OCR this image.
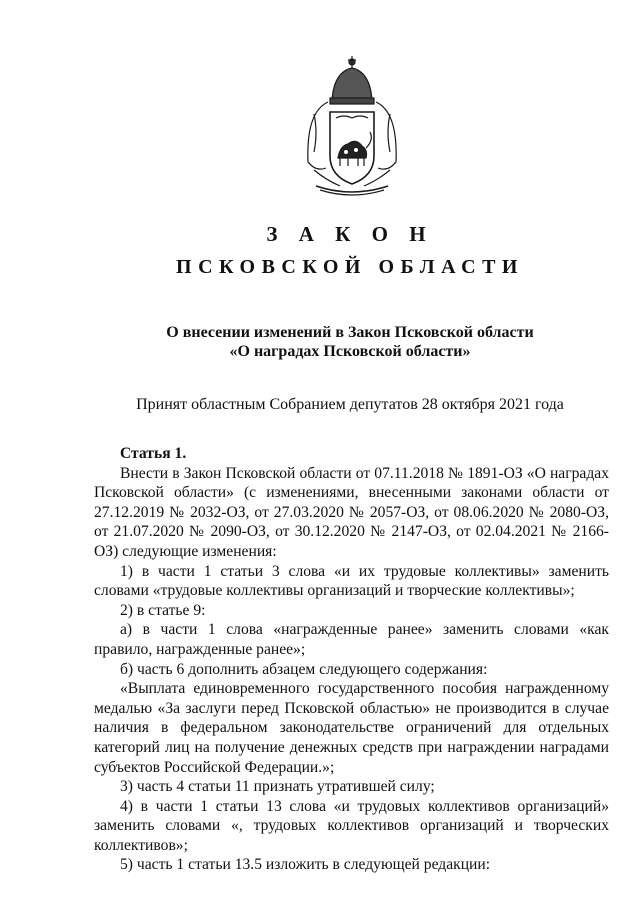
З А К О Н
ПСКОВСКОЙ ОБЛАСТИ
О внесении изменений в Закон Псковской области
«О наградах Псковской области»
Принят областным Собранием депутатов 28 октября 2021 года

Статья 1.

Внести в Закон Псковской области от 07.11.2018 № 1891-ОЗ «О наградах Псковской области» (с изменениями, внесенными законами области от 27.12.2019 № 2032-ОЗ, от 27.03.2020 № 2057-ОЗ, от 08.06.2020 № 2080-ОЗ, от 21.07.2020 № 2090-ОЗ, от 30.12.2020 № 2147-ОЗ, от 02.04.2021 № 2166-ОЗ) следующие изменения:

1) в части 1 статьи 3 слова «и их трудовые коллективы» заменить словами «трудовые коллективы организаций и творческие коллективы»;

2) в статье 9:

а) в части 1 слова «награжденные ранее» заменить словами «как правило, награжденные ранее»;

б) часть 6 дополнить абзацем следующего содержания:

«Выплата единовременного государственного пособия награжденному медалью «За заслуги перед Псковской областью» не производится в случае наличия в федеральном законодательстве ограничений для отдельных категорий лиц на получение денежных средств при награждении наградами субъектов Российской Федерации.»;

3) часть 4 статьи 11 признать утратившей силу;

4) в части 1 статьи 13 слова «и трудовых коллективов организаций» заменить словами «, трудовых коллективов организаций и творческих коллективов»;

5) часть 1 статьи 13.5 изложить в следующей редакции:
